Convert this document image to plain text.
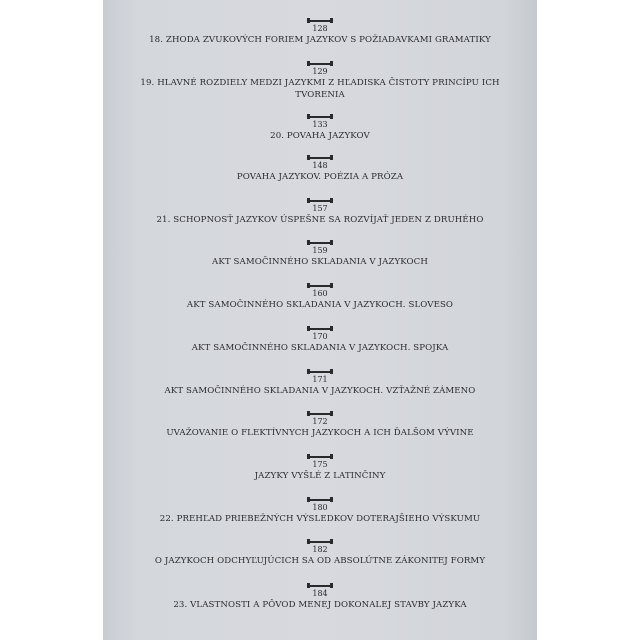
128
18. ZHODA ZVUKOVÝCH FORIEM JAZYKOV S POŽIADAVKAMI GRAMATIKY
129
19. HLAVNÉ ROZDIELY MEDZI JAZYKMI Z HĽADISKA ČISTOTY PRINCÍPU ICH TVORENIA
133
20. POVAHA JAZYKOV
148
POVAHA JAZYKOV. POÉZIA A PRÓZA
157
21. SCHOPNOSŤ JAZYKOV ÚSPEŠNE SA ROZVÍJAŤ JEDEN Z DRUHÉHO
159
AKT SAMOČINNÉHO SKLADANIA V JAZYKOCH
160
AKT SAMOČINNÉHO SKLADANIA V JAZYKOCH. SLOVESO
170
AKT SAMOČINNÉHO SKLADANIA V JAZYKOCH. SPOJKA
171
AKT SAMOČINNÉHO SKLADANIA V JAZYKOCH. VZŤAŽNÉ ZÁMENO
172
UVAŽOVANIE O FLEKTÍVNYCH JAZYKOCH A ICH ĎALŠOM VÝVINE
175
JAZYKY VYŠLÉ Z LATINČINY
180
22. PREHĽAD PRIEBEŽNÝCH VÝSLEDKOV DOTERAJŠIEHO VÝSKUMU
182
O JAZYKOCH ODCHYĽUJÚCICH SA OD ABSOLÚTNE ZÁKONITEJ FORMY
184
23. VLASTNOSTI A PÔVOD MENEJ DOKONALEJ STAVBY JAZYKA
